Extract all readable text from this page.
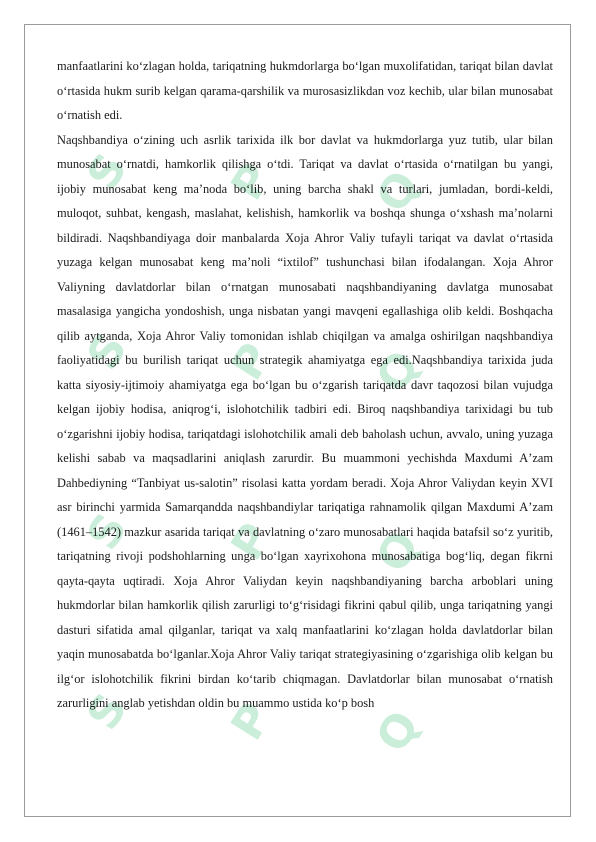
S P Q
S P Q
S P Q
S P Q

manfaatlarini koʻzlagan holda, tariqatning hukmdorlarga boʻlgan muxolifatidan, tariqat bilan davlat oʻrtasida hukm surib kelgan qarama-qarshilik va murosasizlikdan voz kechib, ular bilan munosabat oʻrnatish edi.

Naqshbandiya oʻzining uch asrlik tarixida ilk bor davlat va hukmdorlarga yuz tutib, ular bilan munosabat oʻrnatdi, hamkorlik qilishga oʻtdi. Tariqat va davlat oʻrtasida oʻrnatilgan bu yangi, ijobiy munosabat keng maʼnoda boʻlib, uning barcha shakl va turlari, jumladan, bordi-keldi, muloqot, suhbat, kengash, maslahat, kelishish, hamkorlik va boshqa shunga oʻxshash maʼnolarni bildiradi. Naqshbandiyaga doir manbalarda Xoja Ahror Valiy tufayli tariqat va davlat oʻrtasida yuzaga kelgan munosabat keng maʼnoli “ixtilof” tushunchasi bilan ifodalangan. Xoja Ahror Valiyning davlatdorlar bilan oʻrnatgan munosabati naqshbandiyaning davlatga munosabat masalasiga yangicha yondoshish, unga nisbatan yangi mavqeni egallashiga olib keldi. Boshqacha qilib aytganda, Xoja Ahror Valiy tomonidan ishlab chiqilgan va amalga oshirilgan naqshbandiya faoliyatidagi bu burilish tariqat uchun strategik ahamiyatga ega edi.Naqshbandiya tarixida juda katta siyosiy-ijtimoiy ahamiyatga ega boʻlgan bu oʻzgarish tariqatda davr taqozosi bilan vujudga kelgan ijobiy hodisa, aniqrogʻi, islohotchilik tadbiri edi. Biroq naqshbandiya tarixidagi bu tub oʻzgarishni ijobiy hodisa, tariqatdagi islohotchilik amali deb baholash uchun, avvalo, uning yuzaga kelishi sabab va maqsadlarini aniqlash zarurdir. Bu muammoni yechishda Maxdumi Aʼzam Dahbediyning “Tanbiyat us-salotin” risolasi katta yordam beradi. Xoja Ahror Valiydan keyin XVI asr birinchi yarmida Samarqandda naqshbandiylar tariqatiga rahnamolik qilgan Maxdumi Aʼzam (1461–1542) mazkur asarida tariqat va davlatning oʻzaro munosabatlari haqida batafsil soʻz yuritib, tariqatning rivoji podshohlarning unga boʻlgan xayrixohona munosabatiga bogʻliq, degan fikrni qayta-qayta uqtiradi. Xoja Ahror Valiydan keyin naqshbandiyaning barcha arboblari uning hukmdorlar bilan hamkorlik qilish zarurligi toʻgʻrisidagi fikrini qabul qilib, unga tariqatning yangi dasturi sifatida amal qilganlar, tariqat va xalq manfaatlarini koʻzlagan holda davlatdorlar bilan yaqin munosabatda boʻlganlar.Xoja Ahror Valiy tariqat strategiyasining oʻzgarishiga olib kelgan bu ilgʻor islohotchilik fikrini birdan koʻtarib chiqmagan. Davlatdorlar bilan munosabat oʻrnatish zarurligini anglab yetishdan oldin bu muammo ustida koʻp bosh
